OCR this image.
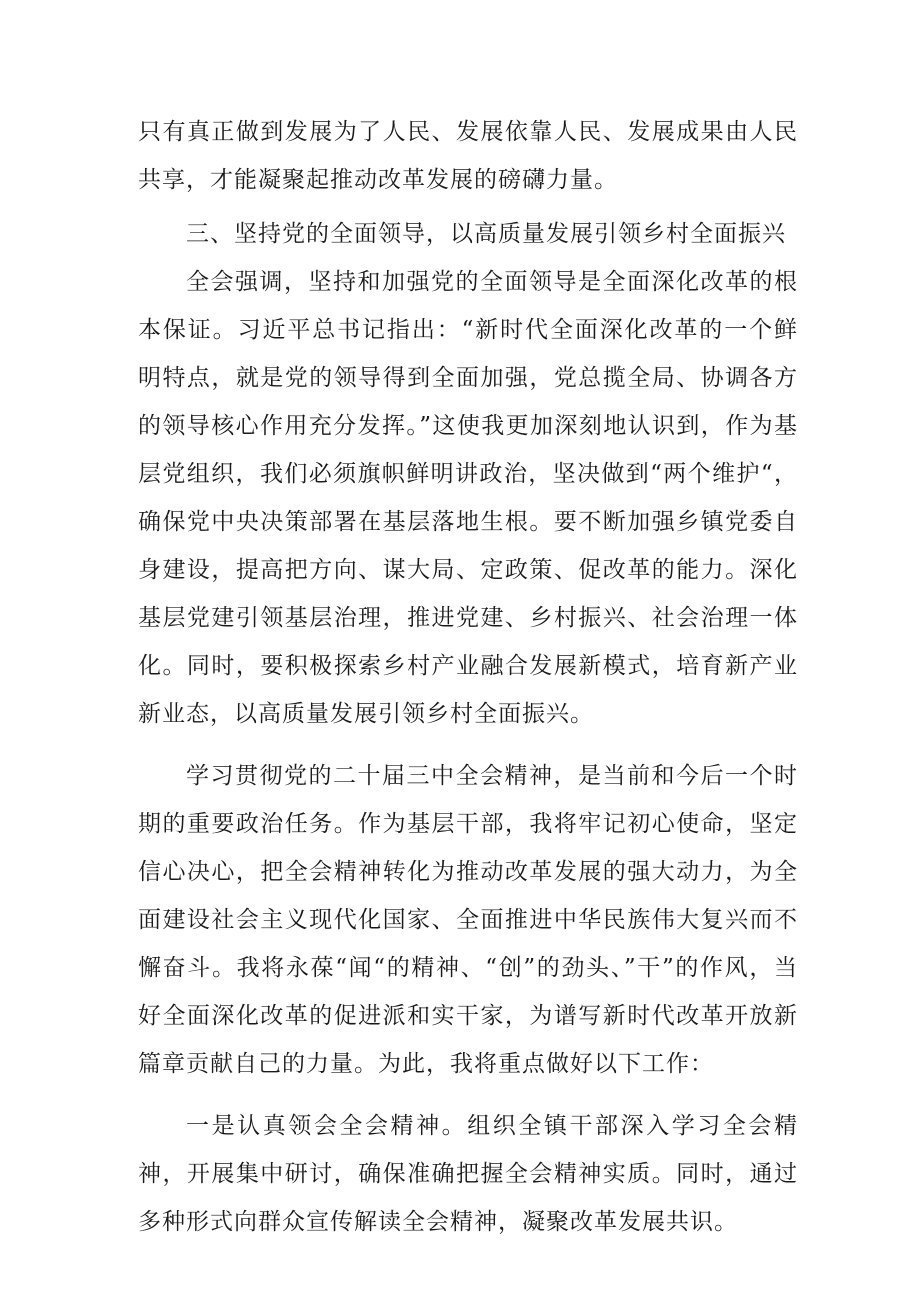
只有真正做到发展为了人民、发展依靠人民、发展成果由人民共享，才能凝聚起推动改革发展的磅礴力量。

三、坚持党的全面领导，以高质量发展引领乡村全面振兴

全会强调，坚持和加强党的全面领导是全面深化改革的根本保证。习近平总书记指出：“新时代全面深化改革的一个鲜明特点，就是党的领导得到全面加强，党总揽全局、协调各方的领导核心作用充分发挥。”这使我更加深刻地认识到，作为基层党组织，我们必须旗帜鲜明讲政治，坚决做到“两个维护“，确保党中央决策部署在基层落地生根。要不断加强乡镇党委自身建设，提高把方向、谋大局、定政策、促改革的能力。深化基层党建引领基层治理，推进党建、乡村振兴、社会治理一体化。同时，要积极探索乡村产业融合发展新模式，培育新产业新业态，以高质量发展引领乡村全面振兴。

学习贯彻党的二十届三中全会精神，是当前和今后一个时期的重要政治任务。作为基层干部，我将牢记初心使命，坚定信心决心，把全会精神转化为推动改革发展的强大动力，为全面建设社会主义现代化国家、全面推进中华民族伟大复兴而不懈奋斗。我将永葆“闻“的精神、“创”的劲头、”干”的作风，当好全面深化改革的促进派和实干家，为谱写新时代改革开放新篇章贡献自己的力量。为此，我将重点做好以下工作：

一是认真领会全会精神。组织全镇干部深入学习全会精神，开展集中研讨，确保准确把握全会精神实质。同时，通过多种形式向群众宣传解读全会精神，凝聚改革发展共识。
